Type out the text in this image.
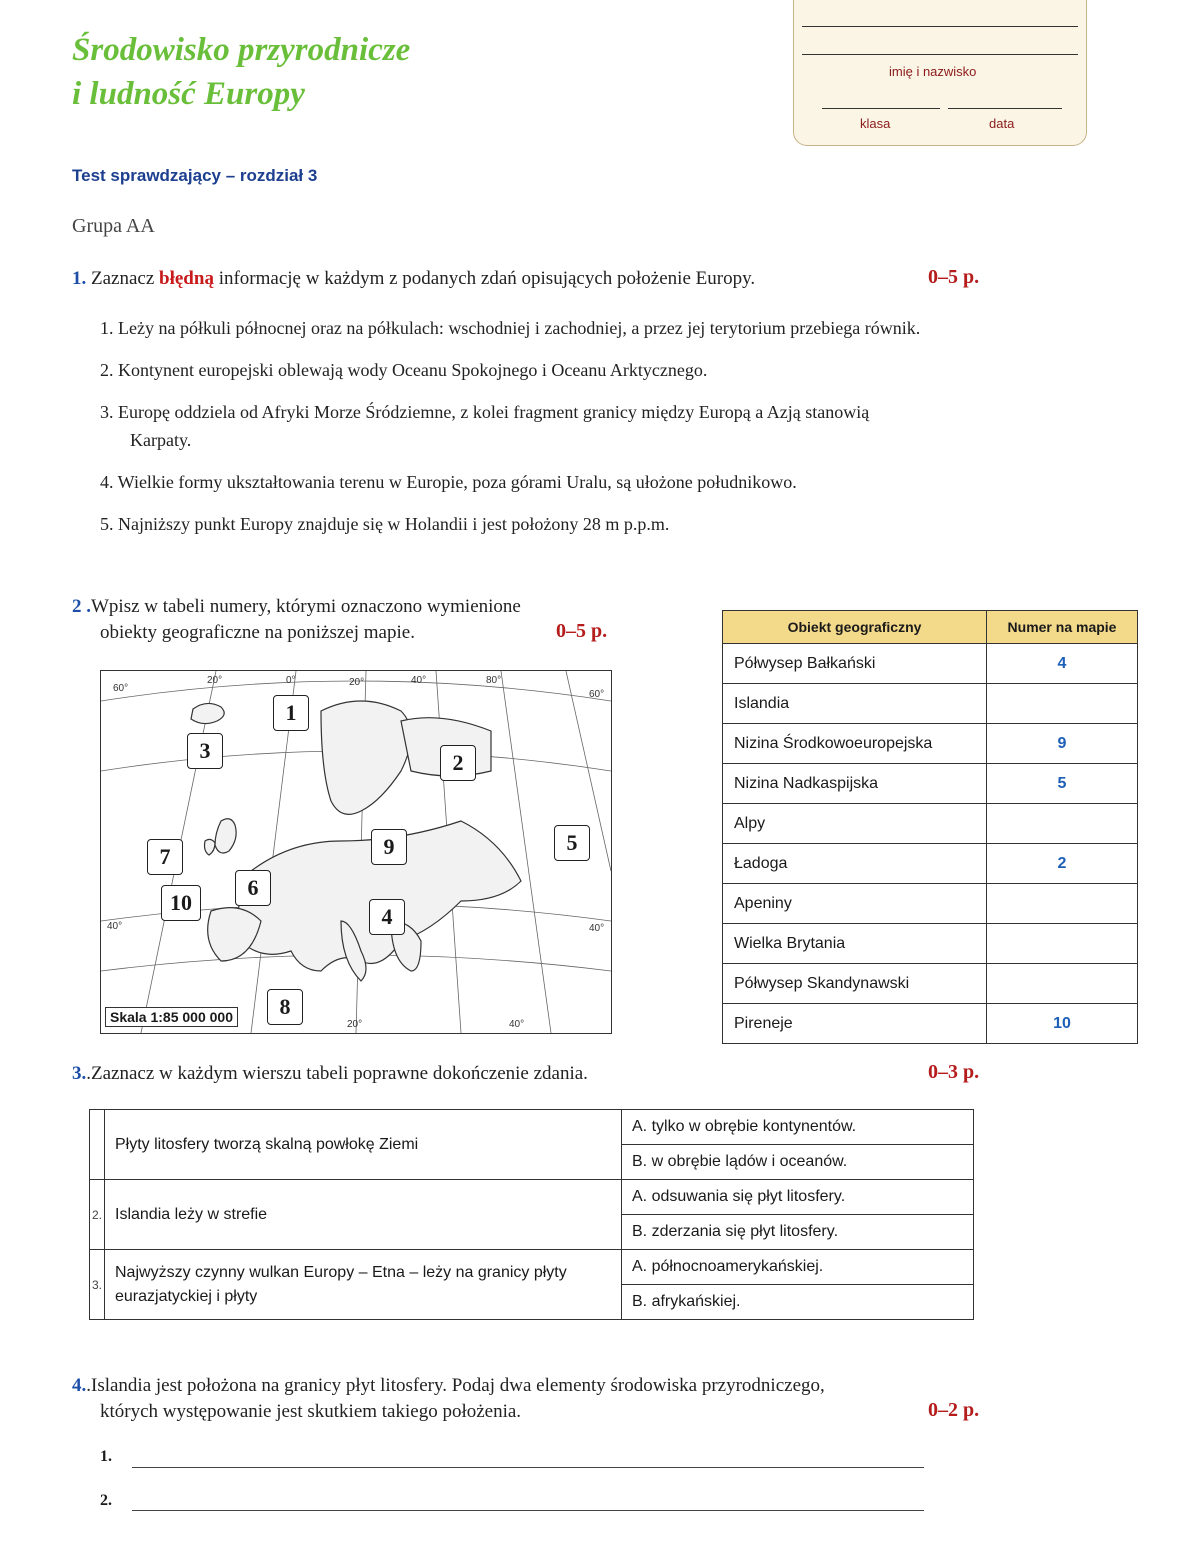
Środowisko przyrodnicze
i ludność Europy
imię i nazwisko
klasa	data
Test sprawdzający – rozdział 3
Grupa AA
1. Zaznacz błędną informację w każdym z podanych zdań opisujących położenie Europy.	0–5 p.
1. Leży na półkuli północnej oraz na półkulach: wschodniej i zachodniej, a przez jej terytorium przebiega równik.
2. Kontynent europejski oblewają wody Oceanu Spokojnego i Oceanu Arktycznego.
3. Europę oddziela od Afryki Morze Śródziemne, z kolei fragment granicy między Europą a Azją stanowią
Karpaty.
4. Wielkie formy ukształtowania terenu w Europie, poza górami Uralu, są ułożone południkowo.
5. Najniższy punkt Europy znajduje się w Holandii i jest położony 28 m p.p.m.
2 .Wpisz w tabeli numery, którymi oznaczono wymienione
obiekty geograficzne na poniższej mapie.	0–5 p.
60°
20°	0°	20°	40°	80°
60°
40°	40°
20°	40°
1
2
3
4
5
6
7
8
9
10
Skala 1:85 000 000
Obiekt geograficzny	Numer na mapie
Półwysep Bałkański	4
Islandia	
Nizina Środkowoeuropejska	9
Nizina Nadkaspijska	5
Alpy	
Ładoga	2
Apeniny	
Wielka Brytania	
Półwysep Skandynawski	
Pireneje	10
3..Zaznacz w każdym wierszu tabeli poprawne dokończenie zdania.	0–3 p.
	Płyty litosfery tworzą skalną powłokę Ziemi	A. tylko w obrębie kontynentów.
		B. w obrębie lądów i oceanów.
2.	Islandia leży w strefie	A. odsuwania się płyt litosfery.
		B. zderzania się płyt litosfery.
3.	Najwyższy czynny wulkan Europy – Etna – leży na granicy płyty eurazjatyckiej i płyty	A. północnoamerykańskiej.
		B. afrykańskiej.
4..Islandia jest położona na granicy płyt litosfery. Podaj dwa elementy środowiska przyrodniczego,
których występowanie jest skutkiem takiego położenia.	0–2 p.
1.
2.
